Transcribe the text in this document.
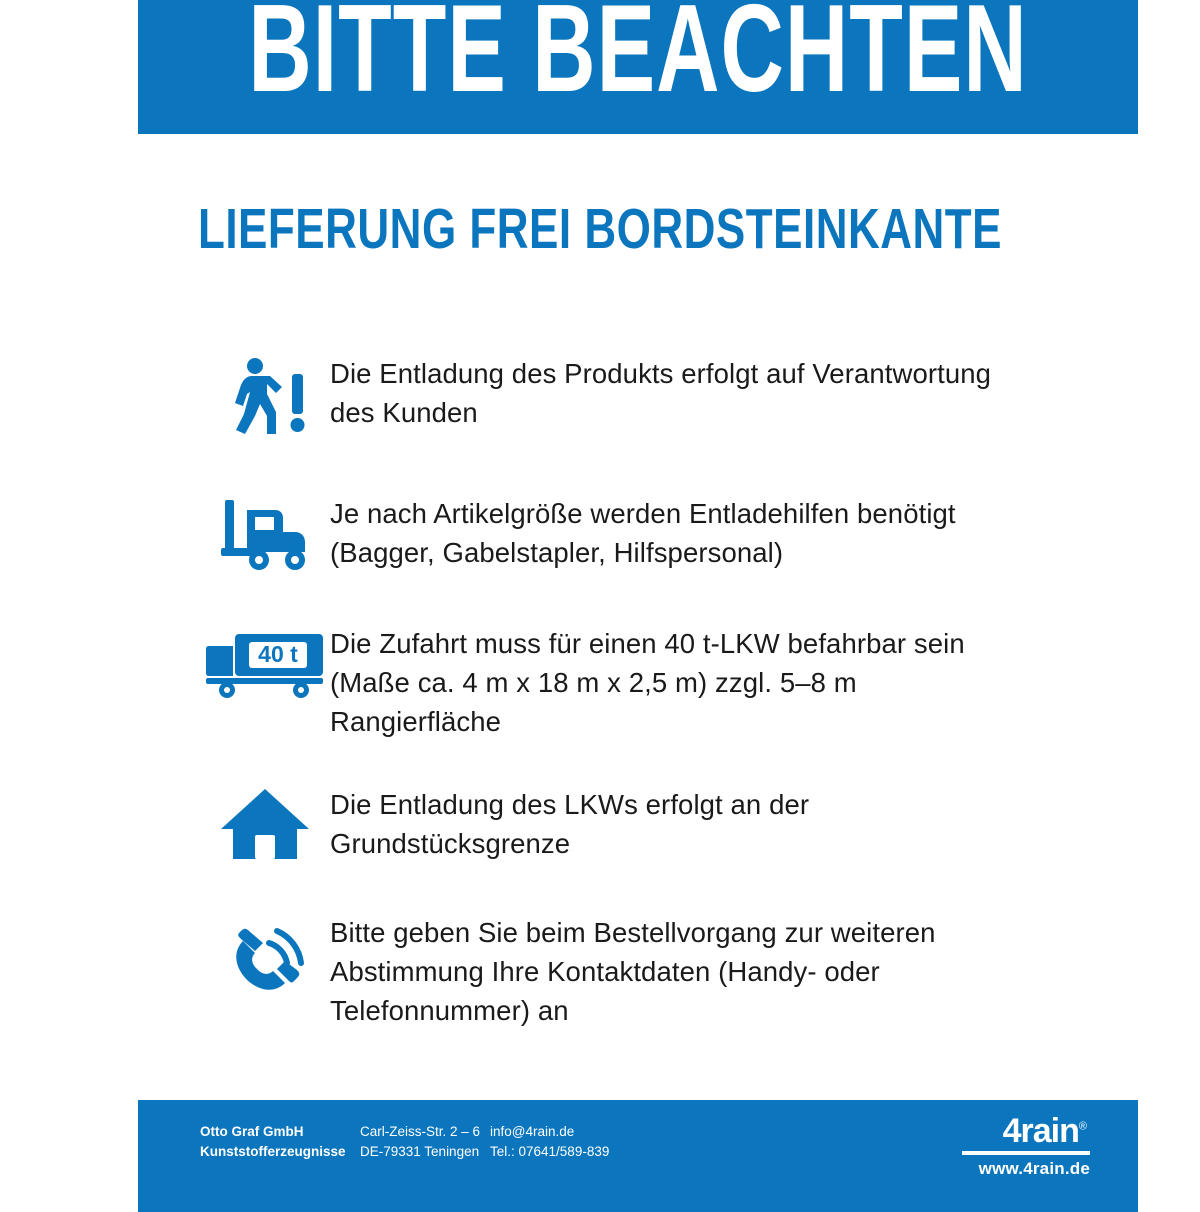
BITTE BEACHTEN
LIEFERUNG FREI BORDSTEINKANTE
Die Entladung des Produkts erfolgt auf Verantwortung des Kunden
Je nach Artikelgröße werden Entladehilfen benötigt (Bagger, Gabelstapler, Hilfspersonal)
40 t Die Zufahrt muss für einen 40 t-LKW befahrbar sein (Maße ca. 4 m x 18 m x 2,5 m) zzgl. 5–8 m Rangierfläche
Die Entladung des LKWs erfolgt an der Grundstücksgrenze
Bitte geben Sie beim Bestellvorgang zur weiteren Abstimmung Ihre Kontaktdaten (Handy- oder Telefonnummer) an
Otto Graf GmbH
Kunststofferzeugnisse
Carl-Zeiss-Str. 2 – 6
DE-79331 Teningen
info@4rain.de
Tel.: 07641/589-839
4rain®
www.4rain.de
